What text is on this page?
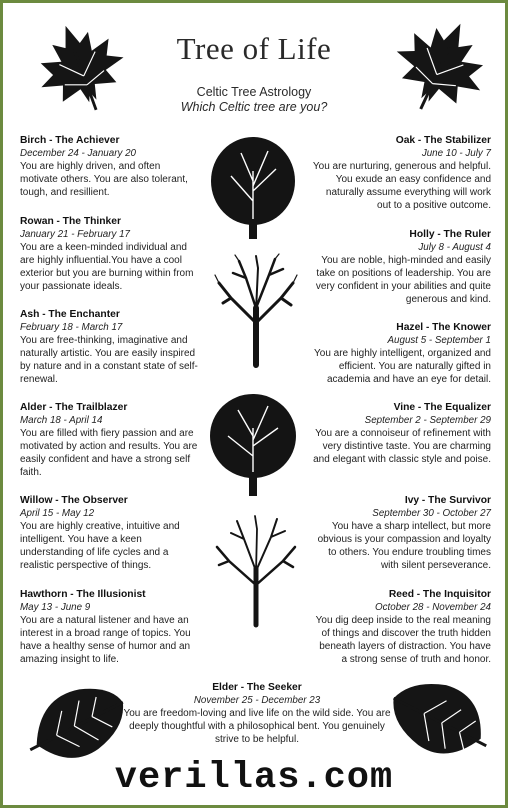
Tree of Life
Celtic Tree Astrology
Which Celtic tree are you?
Birch - The Achiever
December 24 - January 20
You are highly driven, and often motivate others. You are also tolerant, tough, and resillient.
Rowan - The Thinker
January 21 - February 17
You are a keen-minded individual and are highly influential.You have a cool exterior but you are burning within from your passionate ideals.
Ash - The Enchanter
February 18 - March 17
You are free-thinking, imaginative and naturally artistic. You are easily inspired by nature and in a constant state of self-renewal.
Alder - The Trailblazer
March 18 - April 14
You are filled with fiery passion and are motivated by action and results. You are easily confident and have a strong self faith.
Willow - The Observer
April 15 - May 12
You are highly creative, intuitive and intelligent. You have a keen understanding of life cycles and a realistic perspective of things.
Hawthorn - The Illusionist
May 13 - June 9
You are a natural listener and have an interest in a broad range of topics. You have a healthy sense of humor and an amazing insight to life.
Oak - The Stabilizer
June 10 - July 7
You are nurturing, generous and helpful. You exude an easy confidence and naturally assume everything will work out to a positive outcome.
Holly - The Ruler
July 8 - August 4
You are noble, high-minded and easily take on positions of leadership. You are very confident in your abilities and quite generous and kind.
Hazel - The Knower
August 5 - September 1
You are highly intelligent, organized and efficient. You are naturally gifted in academia and have an eye for detail.
Vine - The Equalizer
September 2 - September 29
You are a connoiseur of refinement with very distintive taste. You are charming and elegant with classic style and poise.
Ivy - The Survivor
September 30 - October 27
You have a sharp intellect, but more obvious is your compassion and loyalty to others. You endure troubling times with silent perseverance.
Reed - The Inquisitor
October 28 - November 24
You dig deep inside to the real meaning of things and discover the truth hidden beneath layers of distraction. You have a strong sense of truth and honor.
Elder - The Seeker
November 25 - December 23
You are freedom-loving and live life on the wild side. You are deeply thoughtful with a philosophical bent. You genuinely strive to be helpful.
verillas.com
